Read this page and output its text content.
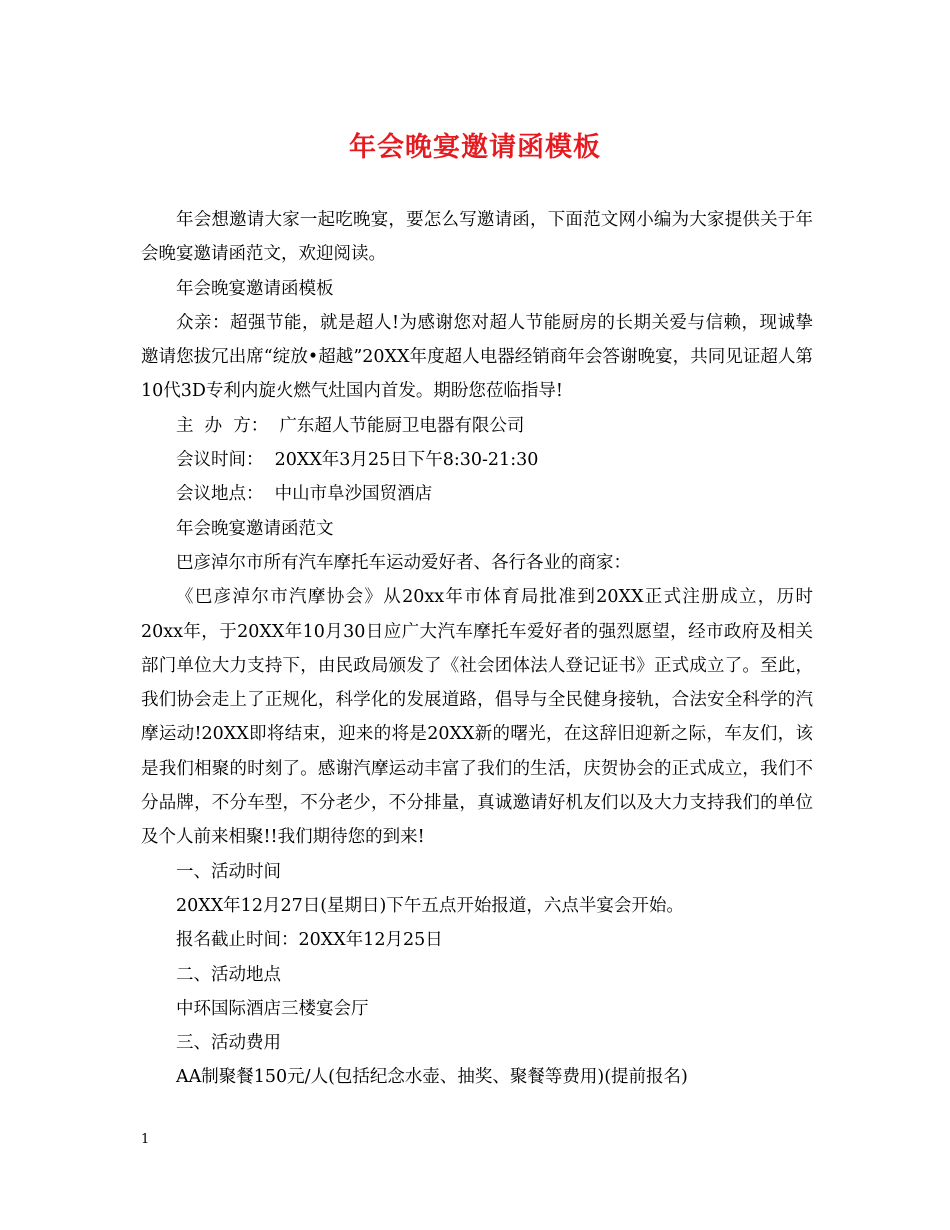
年会晚宴邀请函模板

年会想邀请大家一起吃晚宴，要怎么写邀请函，下面范文网小编为大家提供关于年会晚宴邀请函范文，欢迎阅读。

年会晚宴邀请函模板

众亲：超强节能，就是超人!为感谢您对超人节能厨房的长期关爱与信赖，现诚挚邀请您拔冗出席“绽放•超越”20XX年度超人电器经销商年会答谢晚宴，共同见证超人第10代3D专利内旋火燃气灶国内首发。期盼您莅临指导!

主  办  方：  广东超人节能厨卫电器有限公司

会议时间：  20XX年3月25日下午8:30-21:30

会议地点：  中山市阜沙国贸酒店

年会晚宴邀请函范文

巴彦淖尔市所有汽车摩托车运动爱好者、各行各业的商家：

《巴彦淖尔市汽摩协会》从20xx年市体育局批准到20XX正式注册成立，历时20xx年，于20XX年10月30日应广大汽车摩托车爱好者的强烈愿望，经市政府及相关部门单位大力支持下，由民政局颁发了《社会团体法人登记证书》正式成立了。至此，我们协会走上了正规化，科学化的发展道路，倡导与全民健身接轨，合法安全科学的汽摩运动!20XX即将结束，迎来的将是20XX新的曙光，在这辞旧迎新之际，车友们，该是我们相聚的时刻了。感谢汽摩运动丰富了我们的生活，庆贺协会的正式成立，我们不分品牌，不分车型，不分老少，不分排量，真诚邀请好机友们以及大力支持我们的单位及个人前来相聚!!我们期待您的到来!

一、活动时间

20XX年12月27日(星期日)下午五点开始报道，六点半宴会开始。

报名截止时间：20XX年12月25日

二、活动地点

中环国际酒店三楼宴会厅

三、活动费用

AA制聚餐150元/人(包括纪念水壶、抽奖、聚餐等费用)(提前报名)

1
